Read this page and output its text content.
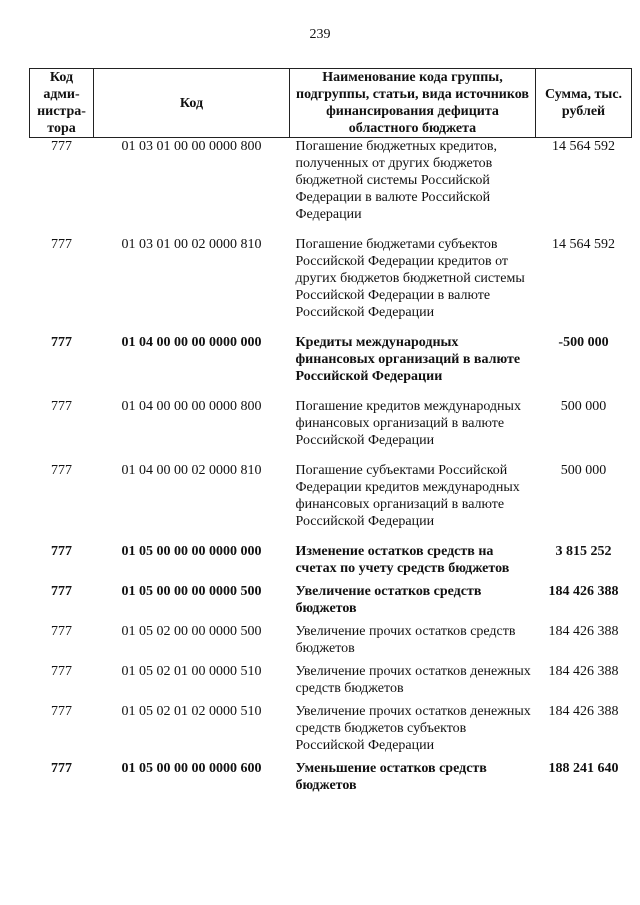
239
Код адми-нистра-тора	Код	Наименование кода группы, подгруппы, статьи, вида источников финансирования дефицита областного бюджета	Сумма, тыс. рублей
777	01 03 01 00 00 0000 800	Погашение бюджетных кредитов, полученных от других бюджетов бюджетной системы Российской Федерации в валюте Российской Федерации	14 564 592
777	01 03 01 00 02 0000 810	Погашение бюджетами субъектов Российской Федерации кредитов от других бюджетов бюджетной системы Российской Федерации в валюте Российской Федерации	14 564 592
777	01 04 00 00 00 0000 000	Кредиты международных финансовых организаций в валюте Российской Федерации	-500 000
777	01 04 00 00 00 0000 800	Погашение кредитов международных финансовых организаций в валюте Российской Федерации	500 000
777	01 04 00 00 02 0000 810	Погашение субъектами Российской Федерации кредитов международных финансовых организаций в валюте Российской Федерации	500 000
777	01 05 00 00 00 0000 000	Изменение остатков средств на счетах по учету средств бюджетов	3 815 252
777	01 05 00 00 00 0000 500	Увеличение остатков средств бюджетов	184 426 388
777	01 05 02 00 00 0000 500	Увеличение прочих остатков средств бюджетов	184 426 388
777	01 05 02 01 00 0000 510	Увеличение прочих остатков денежных средств бюджетов	184 426 388
777	01 05 02 01 02 0000 510	Увеличение прочих остатков денежных средств бюджетов субъектов Российской Федерации	184 426 388
777	01 05 00 00 00 0000 600	Уменьшение остатков средств бюджетов	188 241 640
